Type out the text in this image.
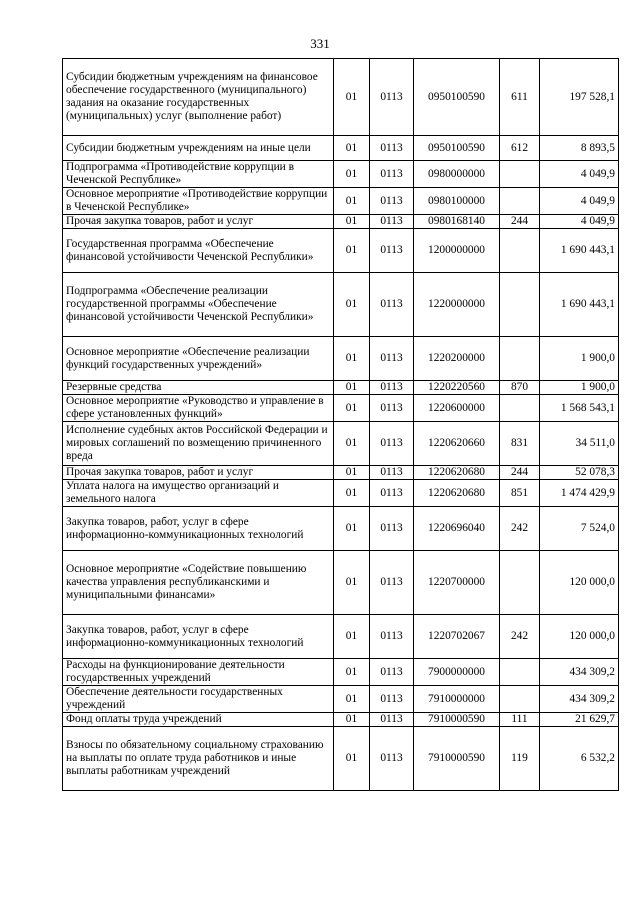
331
Субсидии бюджетным учреждениям на финансовое обеспечение государственного (муниципального) задания на оказание государственных (муниципальных) услуг (выполнение работ)	01	0113	0950100590	611	197 528,1
Субсидии бюджетным учреждениям на иные цели	01	0113	0950100590	612	8 893,5
Подпрограмма «Противодействие коррупции в Чеченской Республике»	01	0113	0980000000		4 049,9
Основное мероприятие «Противодействие коррупции в Чеченской Республике»	01	0113	0980100000		4 049,9
Прочая закупка товаров, работ и услуг	01	0113	0980168140	244	4 049,9
Государственная программа «Обеспечение финансовой устойчивости Чеченской Республики»	01	0113	1200000000		1 690 443,1
Подпрограмма «Обеспечение реализации государственной программы «Обеспечение финансовой устойчивости Чеченской Республики»	01	0113	1220000000		1 690 443,1
Основное мероприятие «Обеспечение реализации функций государственных учреждений»	01	0113	1220200000		1 900,0
Резервные средства	01	0113	1220220560	870	1 900,0
Основное мероприятие «Руководство и управление в сфере установленных функций»	01	0113	1220600000		1 568 543,1
Исполнение судебных актов Российской Федерации и мировых соглашений по возмещению причиненного вреда	01	0113	1220620660	831	34 511,0
Прочая закупка товаров, работ и услуг	01	0113	1220620680	244	52 078,3
Уплата налога на имущество организаций и земельного налога	01	0113	1220620680	851	1 474 429,9
Закупка товаров, работ, услуг в сфере информационно-коммуникационных технологий	01	0113	1220696040	242	7 524,0
Основное мероприятие «Содействие повышению качества управления республиканскими и муниципальными финансами»	01	0113	1220700000		120 000,0
Закупка товаров, работ, услуг в сфере информационно-коммуникационных технологий	01	0113	1220702067	242	120 000,0
Расходы на функционирование деятельности государственных учреждений	01	0113	7900000000		434 309,2
Обеспечение деятельности государственных учреждений	01	0113	7910000000		434 309,2
Фонд оплаты труда учреждений	01	0113	7910000590	111	21 629,7
Взносы по обязательному социальному страхованию на выплаты по оплате труда работников и иные выплаты работникам учреждений	01	0113	7910000590	119	6 532,2
